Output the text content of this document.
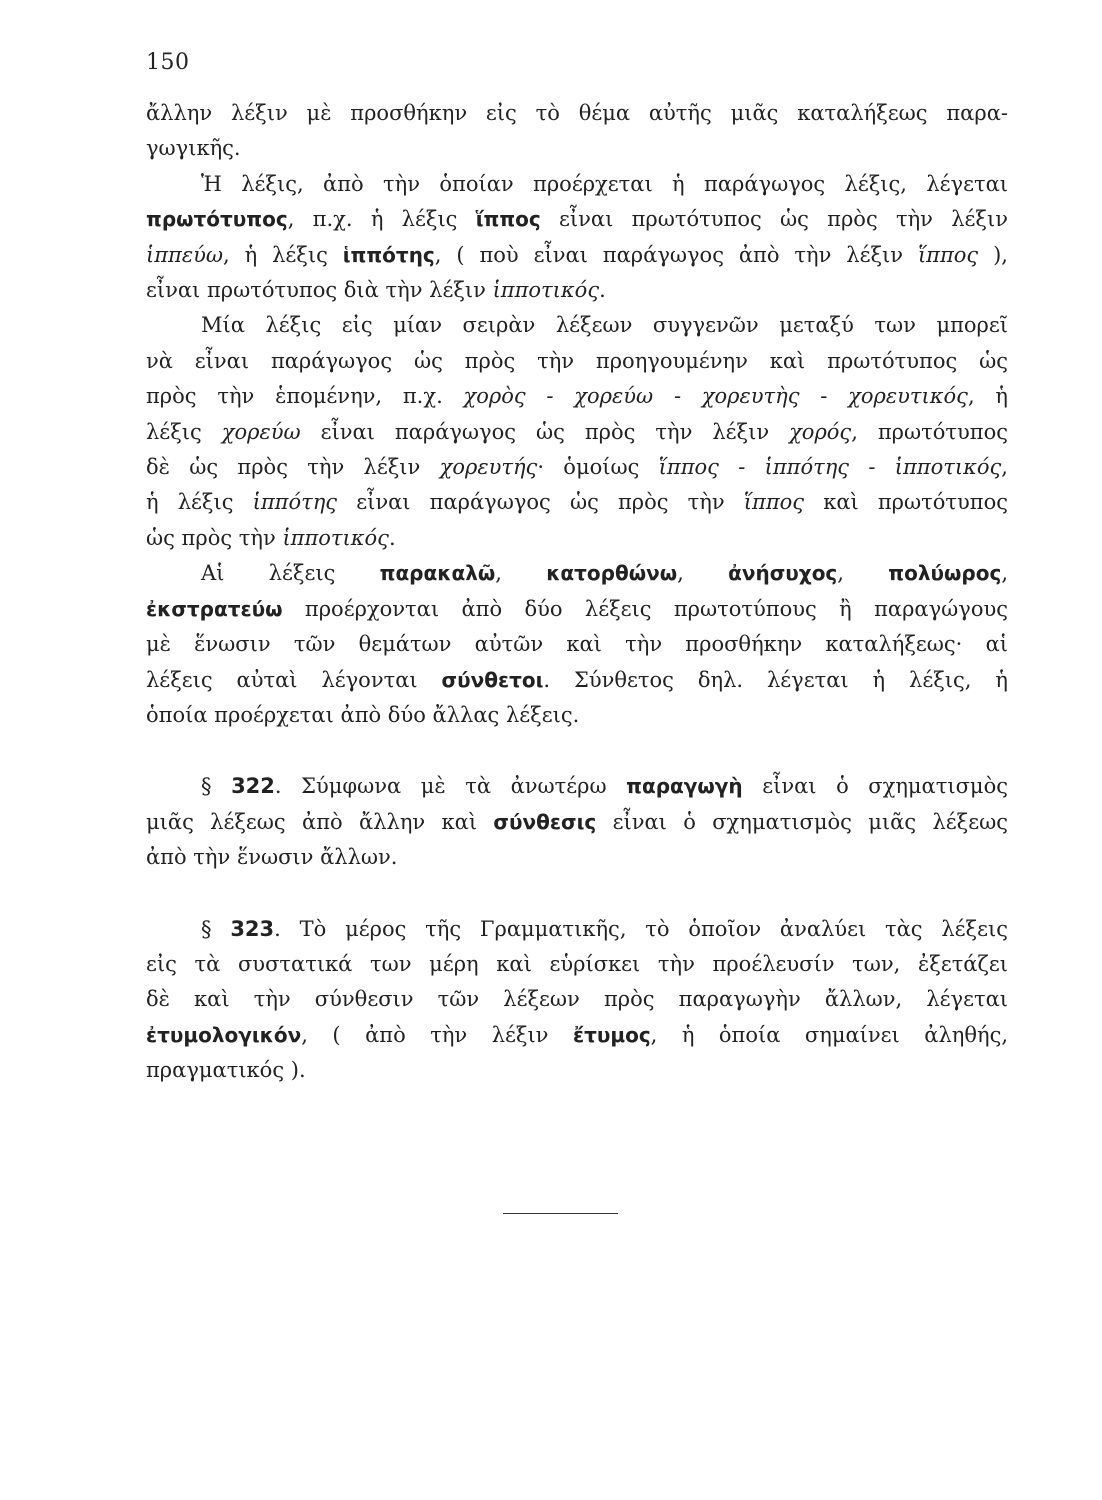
150
ἄλλην λέξιν μὲ προσθήκην εἰς τὸ θέμα αὐτῆς μιᾶς καταλήξεως παρα-
γωγικῆς.
Ἡ λέξις, ἀπὸ τὴν ὁποίαν προέρχεται ἡ παράγωγος λέξις, λέγεται
πρωτότυπος, π.χ. ἡ λέξις ἵππος εἶναι πρωτότυπος ὡς πρὸς τὴν λέξιν
ἱππεύω, ἡ λέξις ἱππότης, ( ποὺ εἶναι παράγωγος ἀπὸ τὴν λέξιν ἵππος ),
εἶναι πρωτότυπος διὰ τὴν λέξιν ἱππoτικός.
Μία λέξις εἰς μίαν σειρὰν λέξεων συγγενῶν μεταξύ των μπορεῖ
νὰ εἶναι παράγωγος ὡς πρὸς τὴν προηγουμένην καὶ πρωτότυπος ὡς
πρὸς τὴν ἑπομένην, π.χ. χορὸς - χορεύω - χορευτὴς - χορευτικός, ἡ
λέξις χορεύω εἶναι παράγωγος ὡς πρὸς τὴν λέξιν χορός, πρωτότυπος
δὲ ὡς πρὸς τὴν λέξιν χορευτής· ὁμοίως ἵππος - ἱππότης - ἱππoτικός,
ἡ λέξις ἱππότης εἶναι παράγωγος ὡς πρὸς τὴν ἵππος καὶ πρωτότυπος
ὡς πρὸς τὴν ἱππoτικός.
Αἱ λέξεις παρακαλῶ, κατορθώνω, ἀνήσυχος, πολύωρος,
ἐκστρατεύω προέρχονται ἀπὸ δύο λέξεις πρωτοτύπους ἢ παραγώγους
μὲ ἕνωσιν τῶν θεμάτων αὐτῶν καὶ τὴν προσθήκην καταλήξεως· αἱ
λέξεις αὐταὶ λέγονται σύνθετοι. Σύνθετος δηλ. λέγεται ἡ λέξις, ἡ
ὁποία προέρχεται ἀπὸ δύο ἄλλας λέξεις.
§ 322. Σύμφωνα μὲ τὰ ἀνωτέρω παραγωγὴ εἶναι ὁ σχηματισμὸς
μιᾶς λέξεως ἀπὸ ἄλλην καὶ σύνθεσις εἶναι ὁ σχηματισμὸς μιᾶς λέξεως
ἀπὸ τὴν ἕνωσιν ἄλλων.
§ 323. Τὸ μέρος τῆς Γραμματικῆς, τὸ ὁποῖον ἀναλύει τὰς λέξεις
εἰς τὰ συστατικά των μέρη καὶ εὑρίσκει τὴν προέλευσίν των, ἐξετάζει
δὲ καὶ τὴν σύνθεσιν τῶν λέξεων πρὸς παραγωγὴν ἄλλων, λέγεται
ἐτυμολογικόν, ( ἀπὸ τὴν λέξιν ἔτυμος, ἡ ὁποία σημαίνει ἀληθής,
πραγματικός ).
